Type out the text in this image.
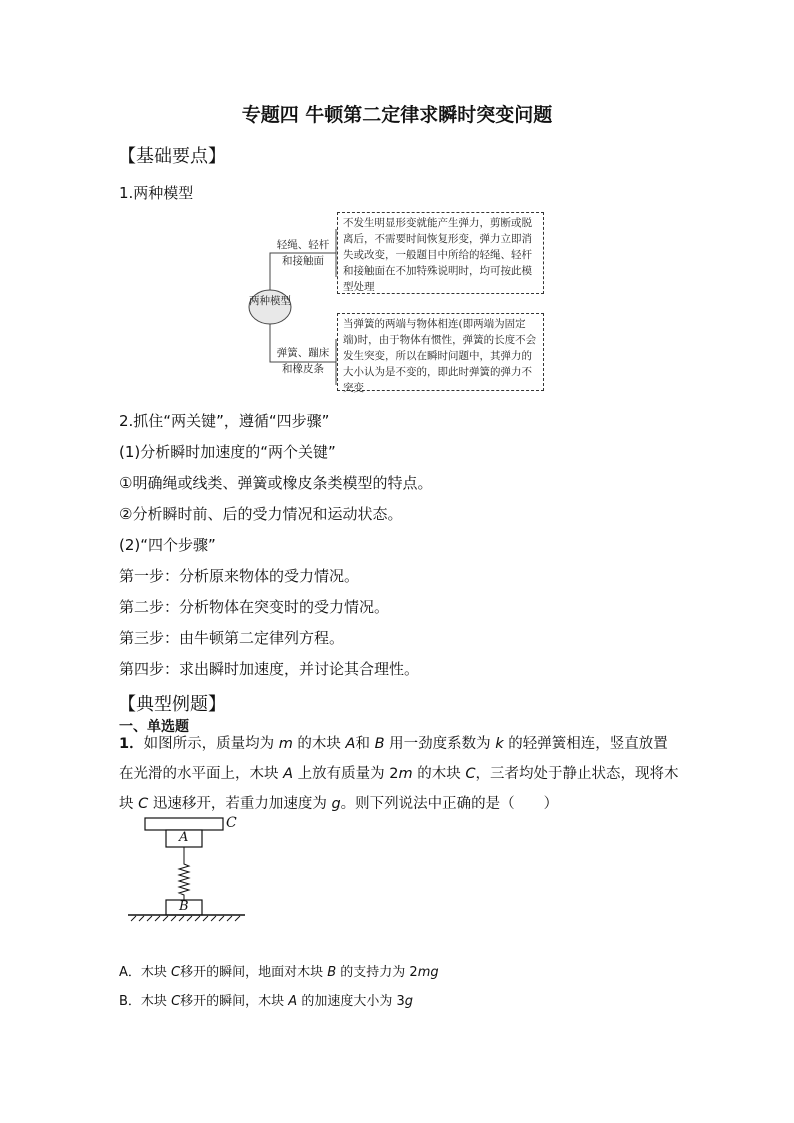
专题四 牛顿第二定律求瞬时突变问题
【基础要点】
1.两种模型
两种模型
轻绳、轻杆和接触面
弹簧、蹦床和橡皮条
不发生明显形变就能产生弹力，剪断或脱离后，不需要时间恢复形变，弹力立即消失或改变，一般题目中所给的轻绳、轻杆和接触面在不加特殊说明时，均可按此模型处理
当弹簧的两端与物体相连(即两端为固定端)时，由于物体有惯性，弹簧的长度不会发生突变，所以在瞬时问题中，其弹力的大小认为是不变的，即此时弹簧的弹力不突变
2.抓住“两关键”，遵循“四步骤”
(1)分析瞬时加速度的“两个关键”
①明确绳或线类、弹簧或橡皮条类模型的特点。
②分析瞬时前、后的受力情况和运动状态。
(2)“四个步骤”
第一步：分析原来物体的受力情况。
第二步：分析物体在突变时的受力情况。
第三步：由牛顿第二定律列方程。
第四步：求出瞬时加速度，并讨论其合理性。
【典型例题】
一、单选题
1．如图所示，质量均为 m 的木块 A和 B 用一劲度系数为 k 的轻弹簧相连，竖直放置在光滑的水平面上，木块 A 上放有质量为 2m 的木块 C，三者均处于静止状态，现将木块 C 迅速移开，若重力加速度为 g。则下列说法中正确的是（　　）
C
A
B
A．木块 C移开的瞬间，地面对木块 B 的支持力为 2mg
B．木块 C移开的瞬间，木块 A 的加速度大小为 3g
